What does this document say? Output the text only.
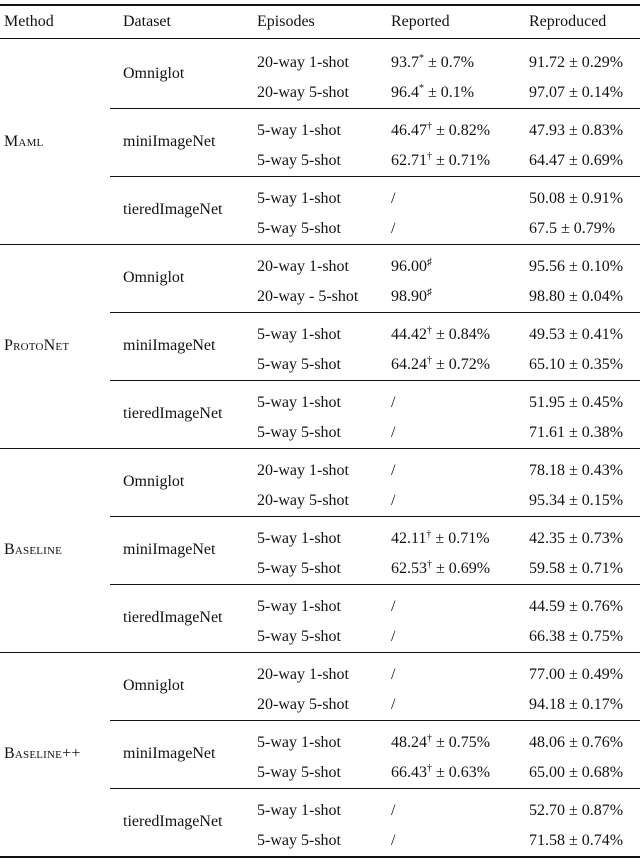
Method	Dataset	Episodes	Reported	Reproduced
Maml
Omniglot
20-way 1-shot	93.7* ± 0.7%	91.72 ± 0.29%
20-way 5-shot	96.4* ± 0.1%	97.07 ± 0.14%
miniImageNet
5-way 1-shot	46.47† ± 0.82% 47.93 ± 0.83%
5-way 5-shot	62.71† ± 0.71% 64.47 ± 0.69%
tieredImageNet
5-way 1-shot	/	50.08 ± 0.91%
5-way 5-shot	/	67.5 ± 0.79%
ProtoNet
Omniglot
20-way 1-shot	96.00♯	95.56 ± 0.10%
20-way - 5-shot 98.90♯	98.80 ± 0.04%
miniImageNet
5-way 1-shot	44.42† ± 0.84% 49.53 ± 0.41%
5-way 5-shot	64.24† ± 0.72% 65.10 ± 0.35%
tieredImageNet
5-way 1-shot	/	51.95 ± 0.45%
5-way 5-shot	/	71.61 ± 0.38%
Baseline
Omniglot
20-way 1-shot	/	78.18 ± 0.43%
20-way 5-shot	/	95.34 ± 0.15%
miniImageNet
5-way 1-shot	42.11† ± 0.71% 42.35 ± 0.73%
5-way 5-shot	62.53† ± 0.69% 59.58 ± 0.71%
tieredImageNet
5-way 1-shot	/	44.59 ± 0.76%
5-way 5-shot	/	66.38 ± 0.75%
Baseline++
Omniglot
20-way 1-shot	/	77.00 ± 0.49%
20-way 5-shot	/	94.18 ± 0.17%
miniImageNet
5-way 1-shot	48.24† ± 0.75% 48.06 ± 0.76%
5-way 5-shot	66.43† ± 0.63% 65.00 ± 0.68%
tieredImageNet
5-way 1-shot	/	52.70 ± 0.87%
5-way 5-shot	/	71.58 ± 0.74%
